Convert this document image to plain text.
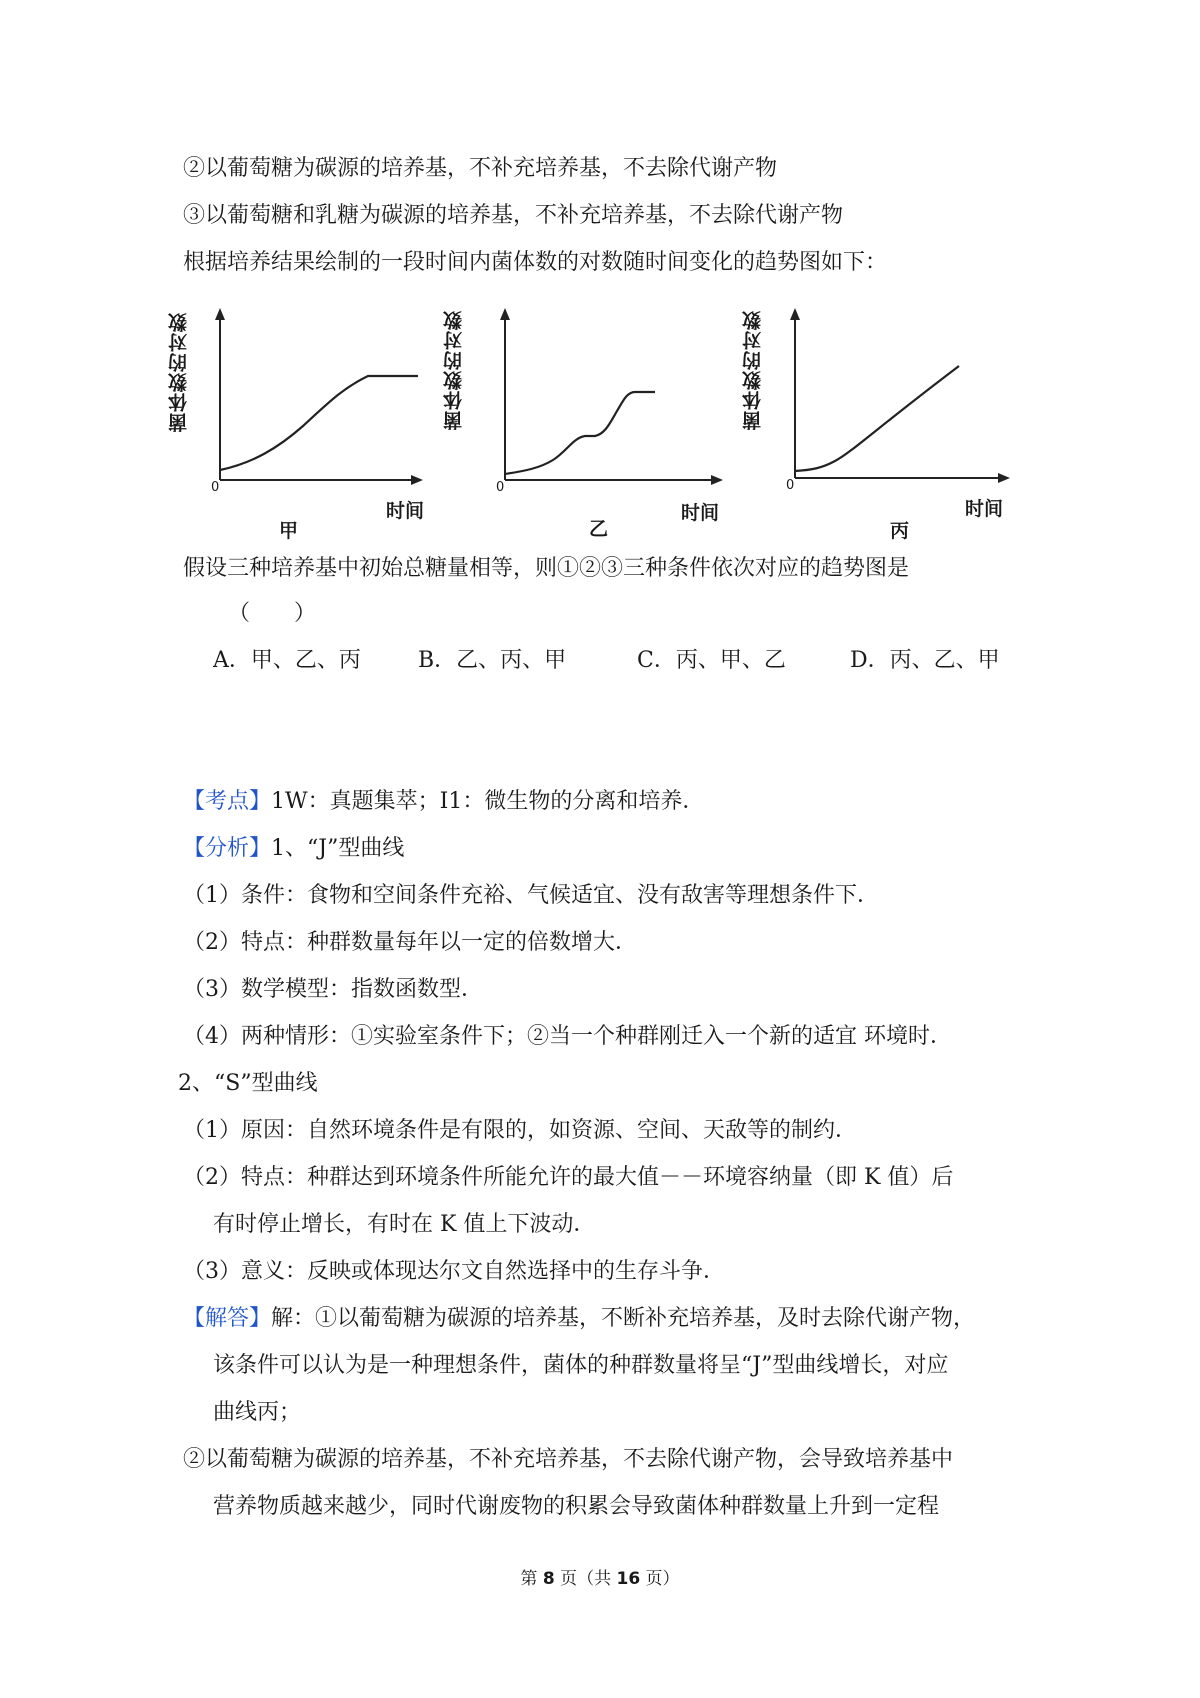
②以葡萄糖为碳源的培养基，不补充培养基，不去除代谢产物
③以葡萄糖和乳糖为碳源的培养基，不补充培养基，不去除代谢产物
根据培养结果绘制的一段时间内菌体数的对数随时间变化的趋势图如下：
菌体数的对数
0
时间
甲
菌体数的对数
0
时间
乙
菌体数的对数
0
时间
丙
假设三种培养基中初始总糖量相等，则①②③三种条件依次对应的趋势图是
（　　）
A．甲、乙、丙	B．乙、丙、甲	C．丙、甲、乙	D．丙、乙、甲
【考点】1W：真题集萃；I1：微生物的分离和培养．
【分析】1、“J”型曲线
（1）条件：食物和空间条件充裕、气候适宜、没有敌害等理想条件下．
（2）特点：种群数量每年以一定的倍数增大．
（3）数学模型：指数函数型．
（4）两种情形：①实验室条件下；②当一个种群刚迁入一个新的适宜 环境时．
2、“S”型曲线
（1）原因：自然环境条件是有限的，如资源、空间、天敌等的制约．
（2）特点：种群达到环境条件所能允许的最大值－－环境容纳量（即 K 值）后
有时停止增长，有时在 K 值上下波动．
（3）意义：反映或体现达尔文自然选择中的生存斗争．
【解答】解：①以葡萄糖为碳源的培养基，不断补充培养基，及时去除代谢产物，
该条件可以认为是一种理想条件，菌体的种群数量将呈“J”型曲线增长，对应
曲线丙；
②以葡萄糖为碳源的培养基，不补充培养基，不去除代谢产物，会导致培养基中
营养物质越来越少，同时代谢废物的积累会导致菌体种群数量上升到一定程
第 8 页（共 16 页）
